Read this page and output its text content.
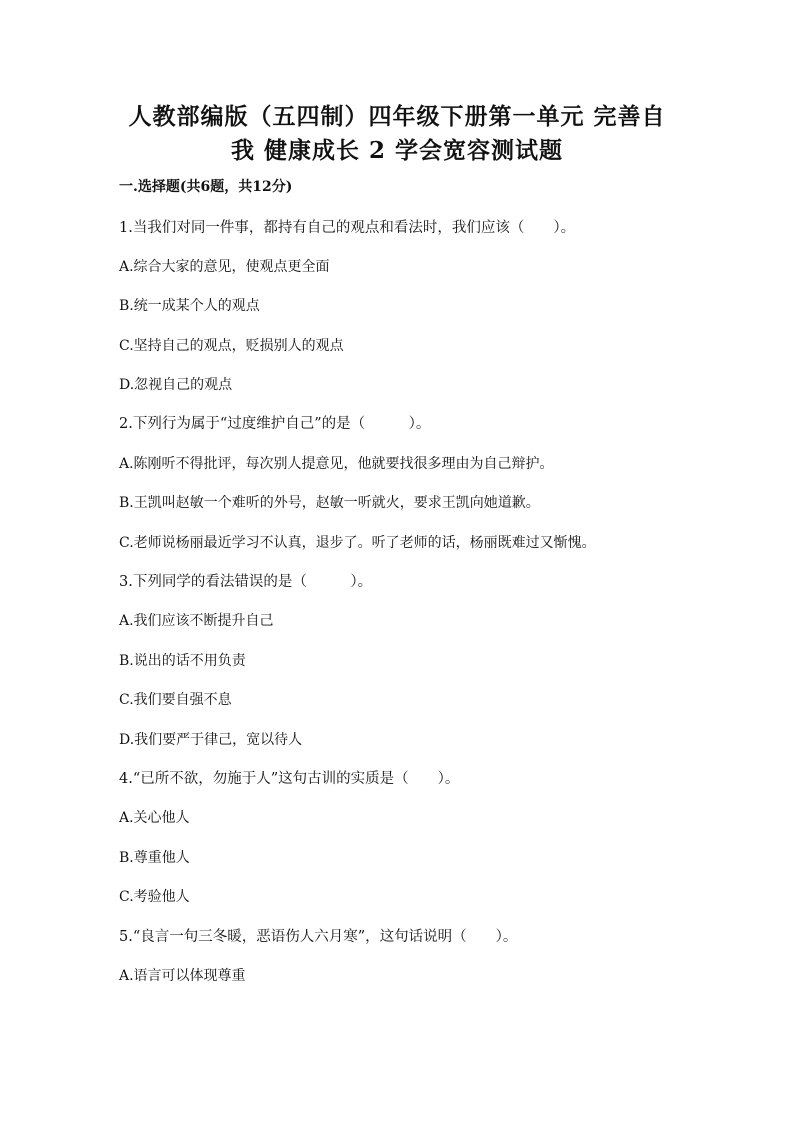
人教部编版（五四制）四年级下册第一单元 完善自
我 健康成长 2 学会宽容测试题
一.选择题(共6题，共12分)
1.当我们对同一件事，都持有自己的观点和看法时，我们应该（　　）。
A.综合大家的意见，使观点更全面
B.统一成某个人的观点
C.坚持自己的观点，贬损别人的观点
D.忽视自己的观点
2.下列行为属于“过度维护自己”的是（　　　）。
A.陈刚听不得批评，每次别人提意见，他就要找很多理由为自己辩护。
B.王凯叫赵敏一个难听的外号，赵敏一听就火，要求王凯向她道歉。
C.老师说杨丽最近学习不认真，退步了。听了老师的话，杨丽既难过又惭愧。
3.下列同学的看法错误的是（　　　）。
A.我们应该不断提升自己
B.说出的话不用负责
C.我们要自强不息
D.我们要严于律己，宽以待人
4.“已所不欲，勿施于人”这句古训的实质是（　　）。
A.关心他人
B.尊重他人
C.考验他人
5.“良言一句三冬暖，恶语伤人六月寒”，这句话说明（　　）。
A.语言可以体现尊重
